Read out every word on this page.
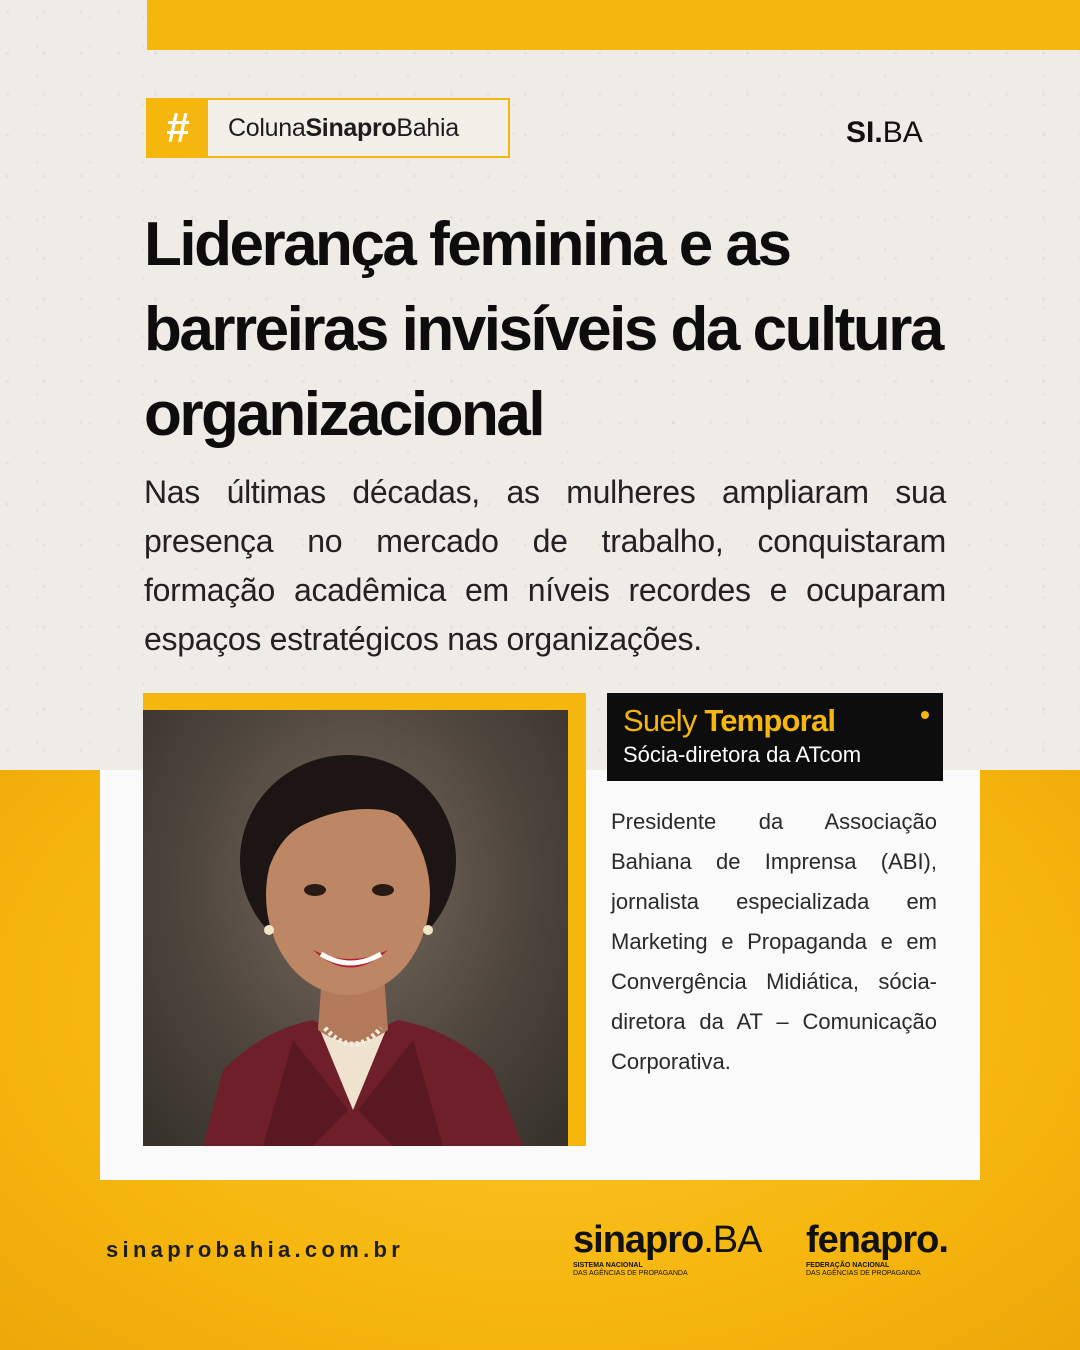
#	ColunaSinaproBahia	SI.BA
Liderança feminina e as barreiras invisíveis da cultura organizacional

Nas últimas décadas, as mulheres ampliaram sua presença no mercado de trabalho, conquistaram formação acadêmica em níveis recordes e ocuparam espaços estratégicos nas organizações.

Suely Temporal
Sócia-diretora da ATcom

Presidente da Associação Bahiana de Imprensa (ABI), jornalista especializada em Marketing e Propaganda e em Convergência Midiática, sócia-diretora da AT – Comunicação Corporativa.

sinaprobahia.com.br	sinapro.BA
SISTEMA NACIONAL
DAS AGÊNCIAS DE PROPAGANDA
fenapro.
FEDERAÇÃO NACIONAL
DAS AGÊNCIAS DE PROPAGANDA
